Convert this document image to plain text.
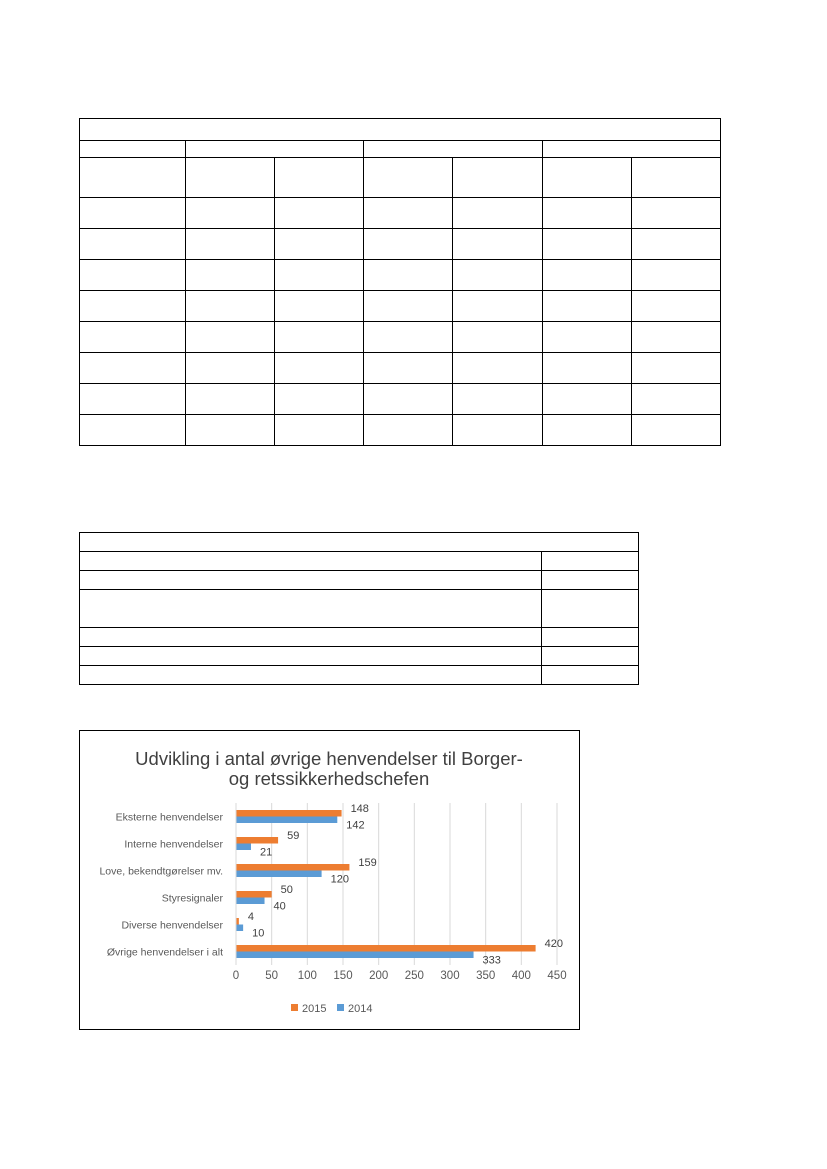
Udvikling i antal øvrige henvendelser til Borger-
og retssikkerhedschefen
Eksterne henvendelser
148
142
Interne henvendelser
59
21
Love, bekendtgørelser mv.
159
120
Styresignaler
50
40
Diverse henvendelser
4
10
Øvrige henvendelser i alt
420
333
0 50 100 150 200 250 300 350 400 450
2015 2014
